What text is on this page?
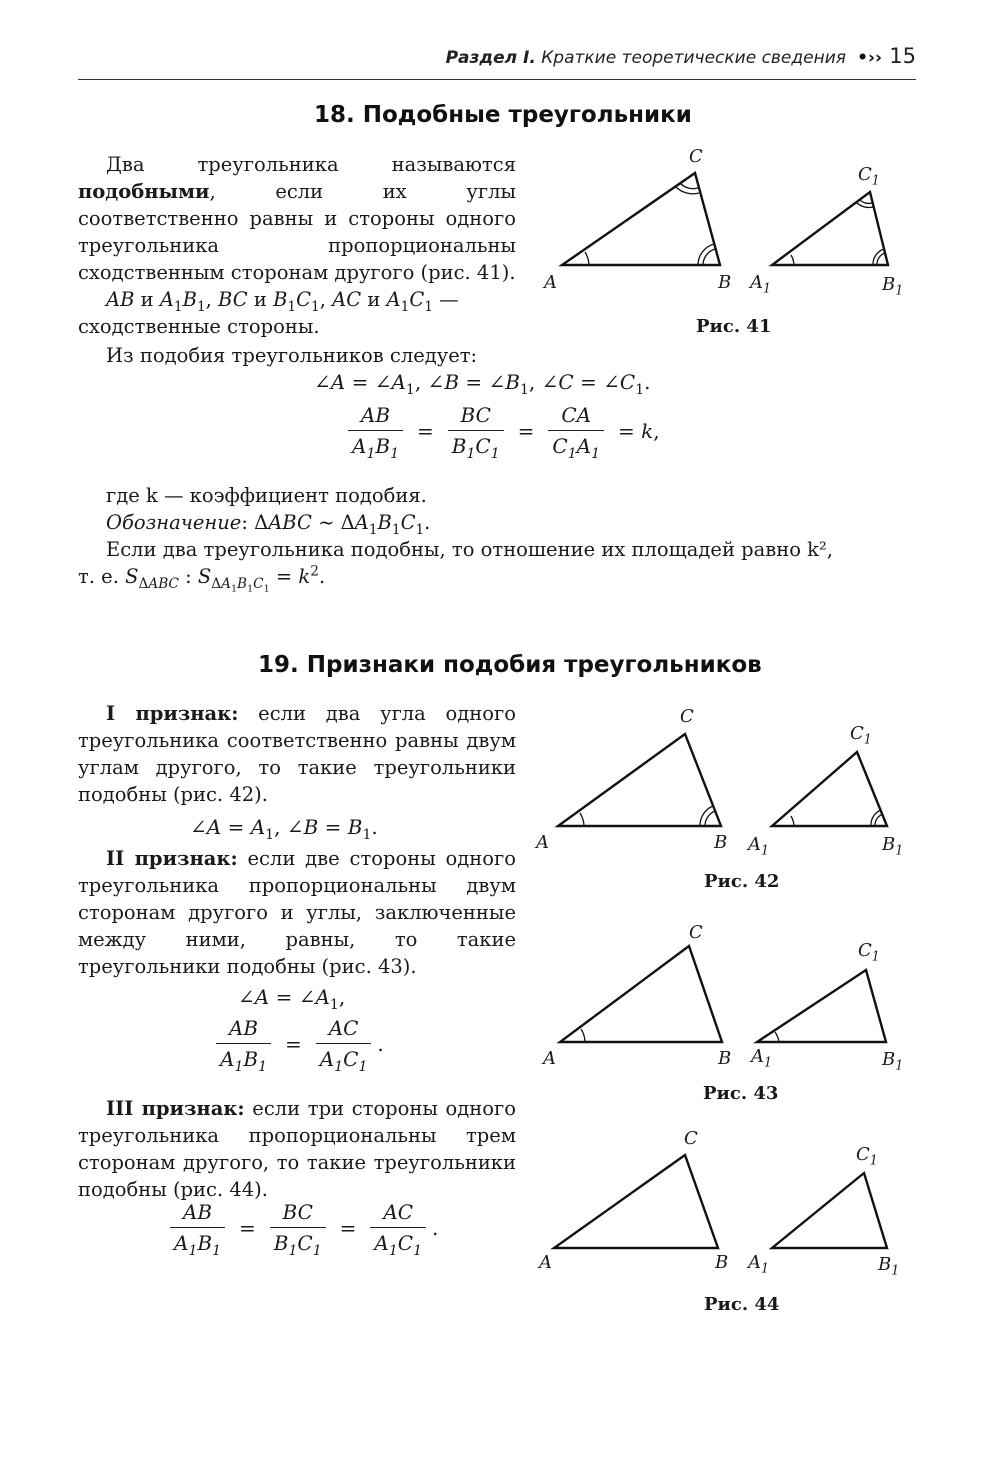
Раздел I. Краткие теоретические сведения •›› 15
18. Подобные треугольники

Два треугольника называются подобными, если их углы соответственно равны и стороны одного треугольника пропорциональны сходственным сторонам другого (рис. 41).

AB и $A_1B_1$, BC и $B_1C_1$, AC и $A_1C_1$ — сходственные стороны.

Из подобия треугольников следует:

∠A = $\angle A_1$, ∠B = $\angle B_1$, ∠C = $\angle C_1$.
$\frac{AB}{A_1B_1} = \frac{BC}{B_1C_1} = \frac{CA}{C_1A_1} = k$,

где k — коэффициент подобия.

Обозначение: ΔABC ~ $\Delta A_1B_1C_1$.

Если два треугольника подобны, то отношение их площадей равно k²,

т. е. $S_{\Delta ABC}$ : $S_{\Delta A_1B_1C_1} = k^2$.

A	B
C
$A_1$	$B_1$
$C_1$
Рис. 41
19. Признаки подобия треугольников

I признак: если два угла одного треугольника соответственно равны двум углам другого, то такие треугольники подобны (рис. 42).

∠A = $A_1$, ∠B = $B_1$.

II признак: если две стороны одного треугольника пропорциональны двум сторонам другого и углы, заключенные между ними, равны, то такие треугольники подобны (рис. 43).

∠A = $\angle A_1$,
$\frac{AB}{A_1B_1} = \frac{AC}{A_1C_1}$ .

III признак: если три стороны одного треугольника пропорциональны трем сторонам другого, то такие треугольники подобны (рис. 44).

$\frac{AB}{A_1B_1} = \frac{BC}{B_1C_1} = \frac{AC}{A_1C_1}$ .
A	B
C
$A_1$	$B_1$
$C_1$
Рис. 42
A	B
C
$A_1$	$B_1$
$C_1$
Рис. 43
A	B
C
$A_1$	$B_1$
$C_1$
Рис. 44
